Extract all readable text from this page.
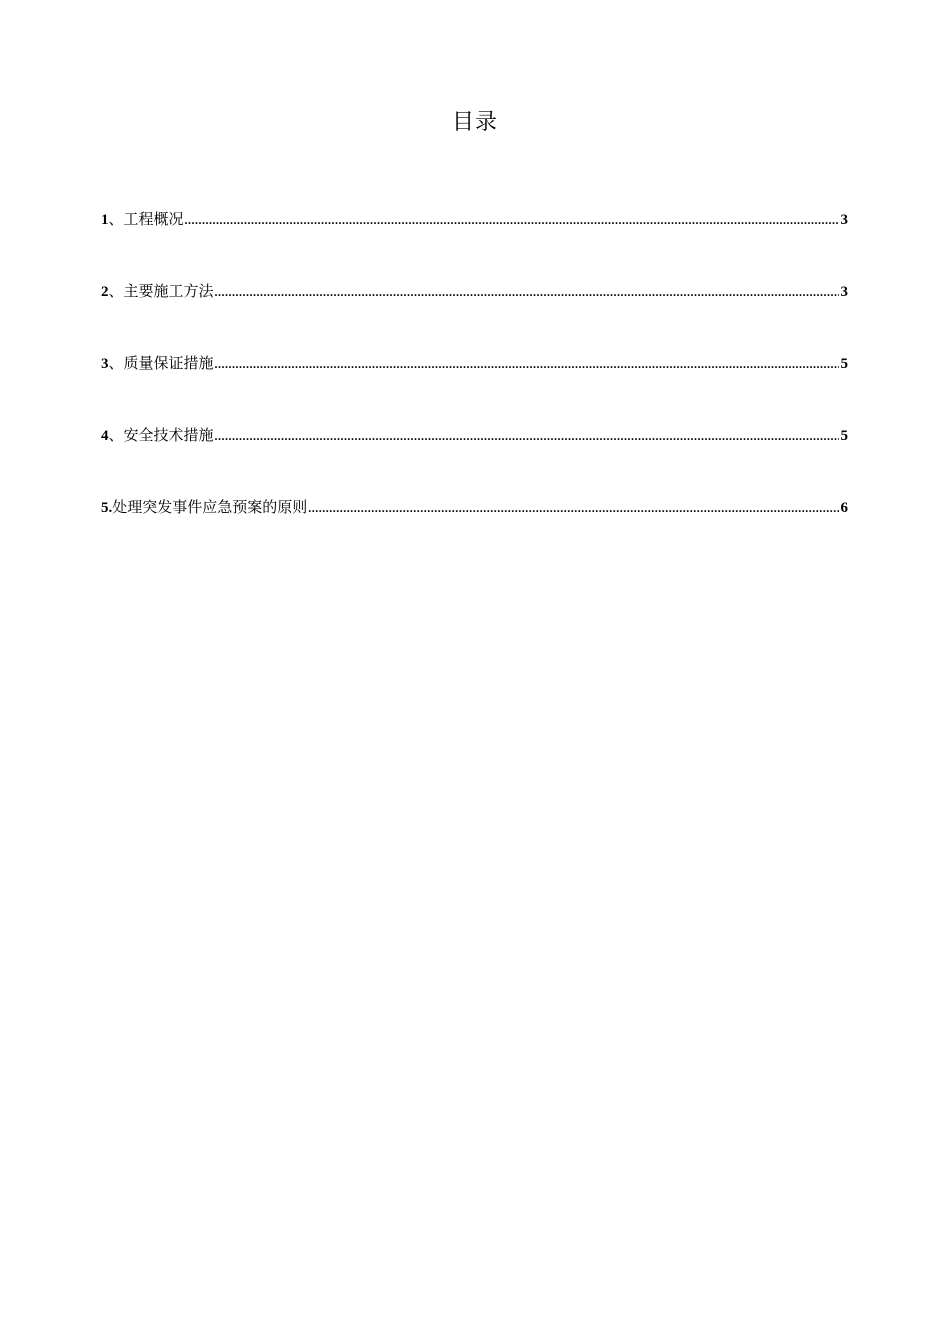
目录
1 、 工程概况 .....	3
2 、 主要施工方法 .....	3
3 、 质量保证措施 .....	5
4 、 安全技术措施 .....	5
5. 处理突发事件应急预案的原则 .....	6
